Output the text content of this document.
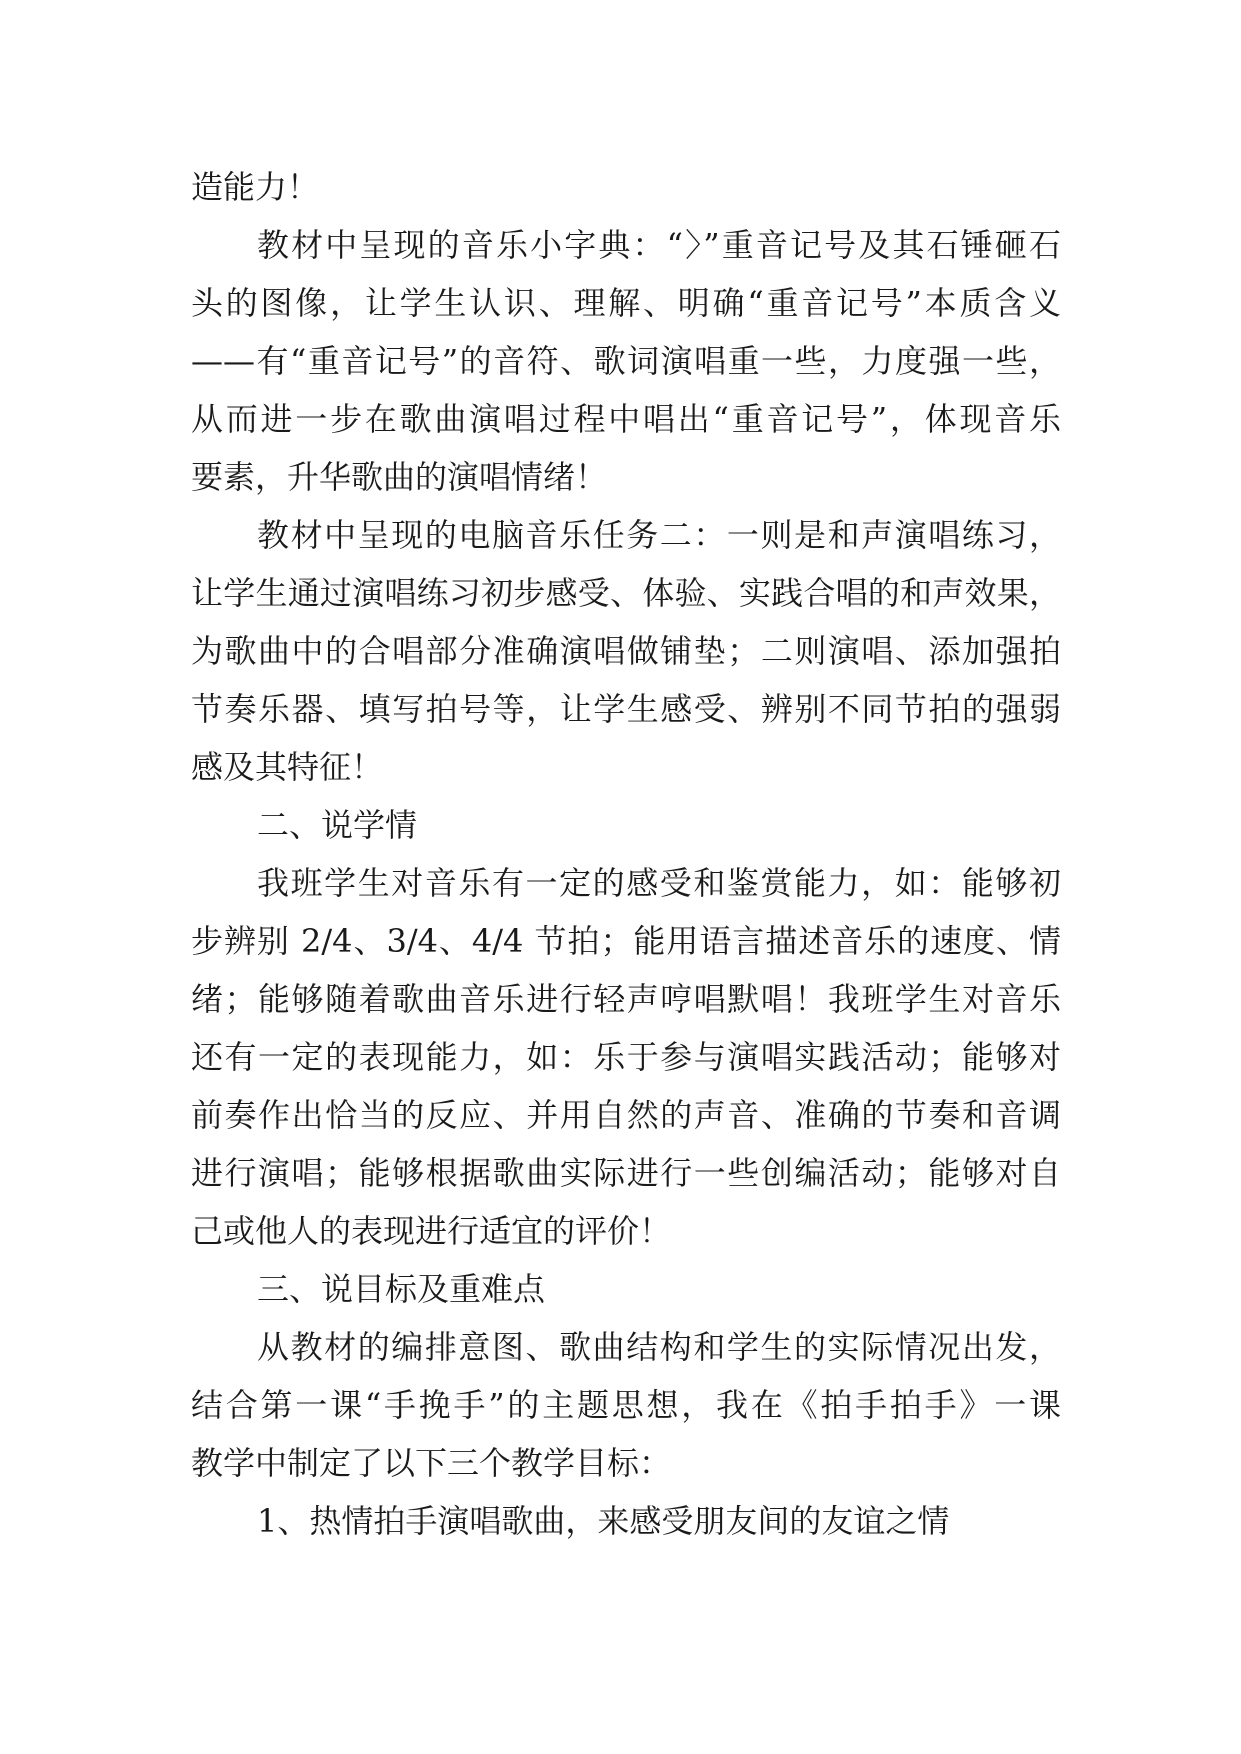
造能力！
教材中呈现的音乐小字典：“〉”重音记号及其石锤砸石
头的图像，让学生认识、理解、明确“重音记号”本质含义
——有“重音记号”的音符、歌词演唱重一些，力度强一些，
从而进一步在歌曲演唱过程中唱出“重音记号”，体现音乐
要素，升华歌曲的演唱情绪！
教材中呈现的电脑音乐任务二：一则是和声演唱练习，
让学生通过演唱练习初步感受、体验、实践合唱的和声效果，
为歌曲中的合唱部分准确演唱做铺垫；二则演唱、添加强拍
节奏乐器、填写拍号等，让学生感受、辨别不同节拍的强弱
感及其特征！
二、说学情
我班学生对音乐有一定的感受和鉴赏能力，如：能够初
步辨别 2/4、3/4、4/4 节拍；能用语言描述音乐的速度、情
绪；能够随着歌曲音乐进行轻声哼唱默唱！我班学生对音乐
还有一定的表现能力，如：乐于参与演唱实践活动；能够对
前奏作出恰当的反应、并用自然的声音、准确的节奏和音调
进行演唱；能够根据歌曲实际进行一些创编活动；能够对自
己或他人的表现进行适宜的评价！
三、说目标及重难点
从教材的编排意图、歌曲结构和学生的实际情况出发，
结合第一课“手挽手”的主题思想，我在《拍手拍手》一课
教学中制定了以下三个教学目标：
1、热情拍手演唱歌曲，来感受朋友间的友谊之情
